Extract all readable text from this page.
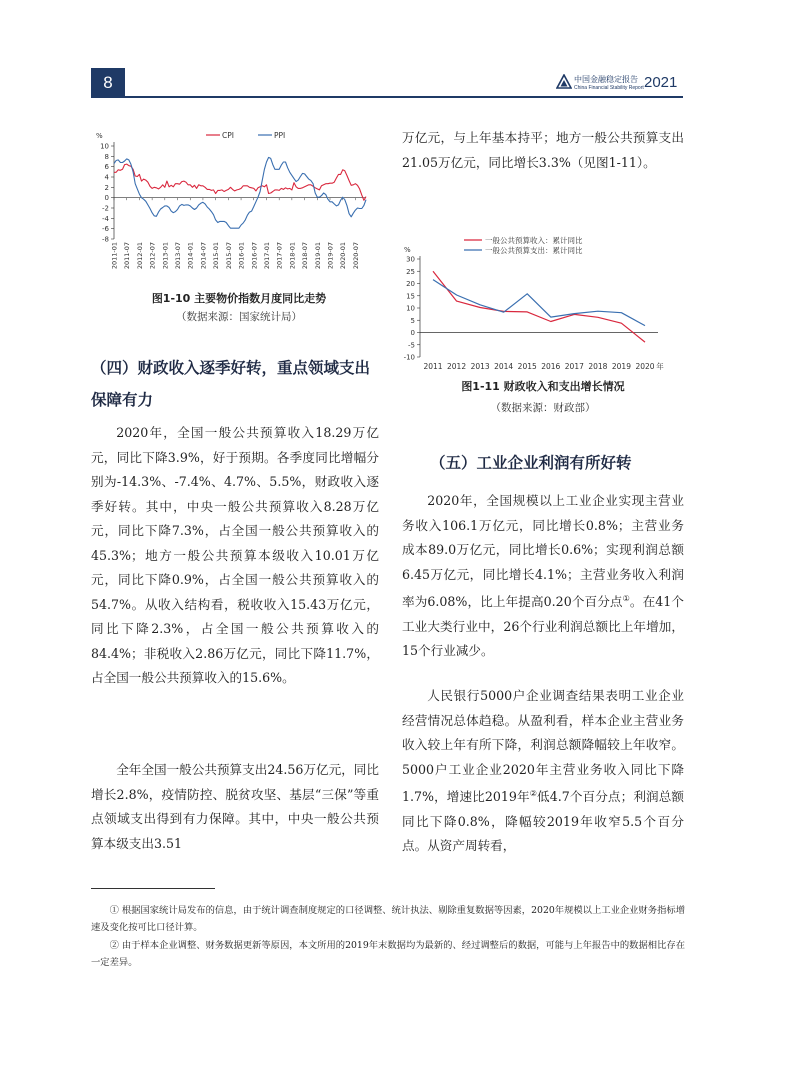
8	中国金融稳定报告
China Financial Stability Report 2021
%
10
8
6
4
2
0
-2
-4
-6
-8
2011-01 2011-07 2012-01 2012-07 2013-01 2013-07 2014-01 2014-07 2015-01 2015-07 2016-01 2016-07 2017-01 2017-07 2018-01 2018-07 2019-01 2019-07 2020-01 2020-07
CPI	PPI
图1-10 主要物价指数月度同比走势
（数据来源：国家统计局）
（四）财政收入逐季好转，重点领域支出保障有力

2020年，全国一般公共预算收入18.29万亿元，同比下降3.9%，好于预期。各季度同比增幅分别为-14.3%、-7.4%、4.7%、5.5%，财政收入逐季好转。其中，中央一般公共预算收入8.28万亿元，同比下降7.3%，占全国一般公共预算收入的45.3%；地方一般公共预算本级收入10.01万亿元，同比下降0.9%，占全国一般公共预算收入的54.7%。从收入结构看，税收收入15.43万亿元，同比下降2.3%，占全国一般公共预算收入的84.4%；非税收入2.86万亿元，同比下降11.7%，占全国一般公共预算收入的15.6%。

全年全国一般公共预算支出24.56万亿元，同比增长2.8%，疫情防控、脱贫攻坚、基层“三保”等重点领域支出得到有力保障。其中，中央一般公共预算本级支出3.51

万亿元，与上年基本持平；地方一般公共预算支出21.05万亿元，同比增长3.3%（见图1-11）。

%
30
25
20
15
10
5
0
-5
-10
2011 2012 2013 2014 2015 2016 2017 2018 2019 2020 年
一般公共预算收入：累计同比
一般公共预算支出：累计同比
图1-11 财政收入和支出增长情况
（数据来源：财政部）
（五）工业企业利润有所好转

2020年，全国规模以上工业企业实现主营业务收入106.1万亿元，同比增长0.8%；主营业务成本89.0万亿元，同比增长0.6%；实现利润总额6.45万亿元，同比增长4.1%；主营业务收入利润率为6.08%，比上年提高0.20个百分点①。在41个工业大类行业中，26个行业利润总额比上年增加，15个行业减少。

人民银行5000户企业调查结果表明工业企业经营情况总体趋稳。从盈利看，样本企业主营业务收入较上年有所下降，利润总额降幅较上年收窄。5000户工业企业2020年主营业务收入同比下降1.7%，增速比2019年②低4.7个百分点；利润总额同比下降0.8%，降幅较2019年收窄5.5个百分点。从资产周转看，

① 根据国家统计局发布的信息，由于统计调查制度规定的口径调整、统计执法、剔除重复数据等因素，2020年规模以上工业企业财务指标增速及变化按可比口径计算。

② 由于样本企业调整、财务数据更新等原因，本文所用的2019年末数据均为最新的、经过调整后的数据，可能与上年报告中的数据相比存在一定差异。
